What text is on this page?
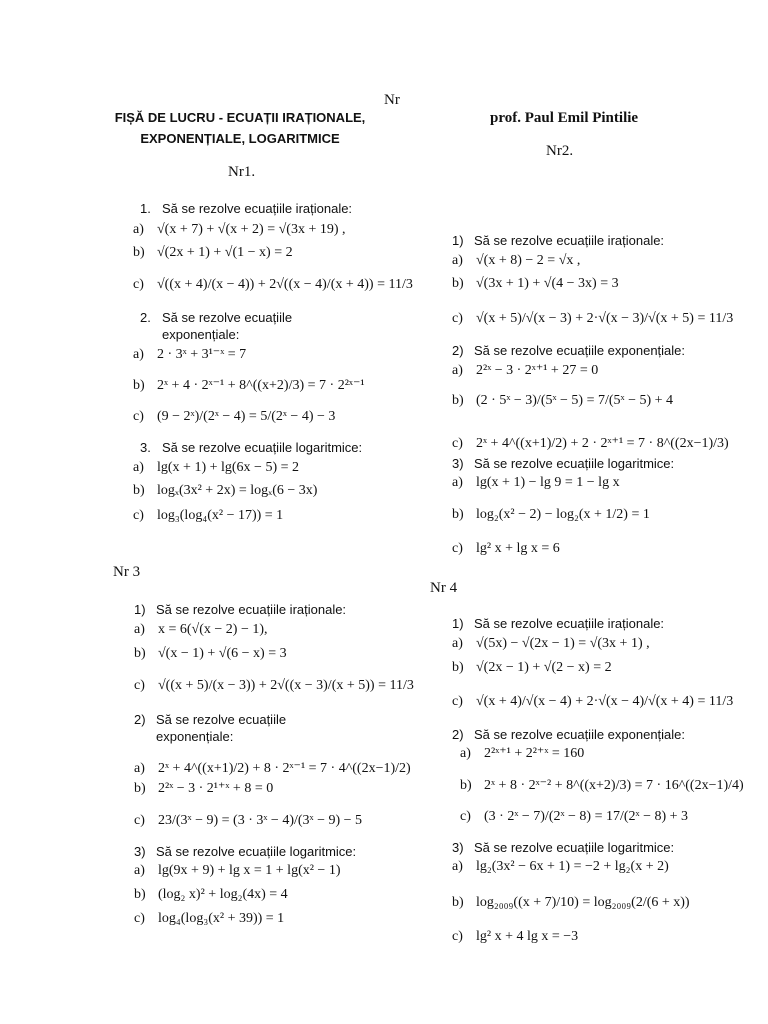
Nr
FIȘĂ DE LUCRU - ECUAȚII IRAȚIONALE,
EXPONENȚIALE, LOGARITMICE
prof. Paul Emil Pintilie
Nr1.
1. Să se rezolve ecuațiile iraționale:
a) √(x + 7) + √(x + 2) = √(3x + 19) ,
b) √(2x + 1) + √(1 − x) = 2
c) √((x + 4)/(x − 4)) + 2√((x − 4)/(x + 4)) = 11/3
2. Să se rezolve ecuațiile exponențiale:
a) 2 · 3ˣ + 3¹⁻ˣ = 7
b) 2ˣ + 4 · 2ˣ⁻¹ + 8^((x+2)/3) = 7 · 2²ˣ⁻¹
c) (9 − 2ˣ)/(2ˣ − 4) = 5/(2ˣ − 4) − 3
3. Să se rezolve ecuațiile logaritmice:
a) lg(x + 1) + lg(6x − 5) = 2
b) logₓ(3x² + 2x) = logₓ(6 − 3x)
c) log₃(log₄(x² − 17)) = 1
Nr2.
1) Să se rezolve ecuațiile iraționale:
a) √(x + 8) − 2 = √x ,
b) √(3x + 1) + √(4 − 3x) = 3
c) √(x + 5)/√(x − 3) + 2·√(x − 3)/√(x + 5) = 11/3
2) Să se rezolve ecuațiile exponențiale:
a) 2²ˣ − 3 · 2ˣ⁺¹ + 27 = 0
b) (2 · 5ˣ − 3)/(5ˣ − 5) = 7/(5ˣ − 5) + 4
c) 2ˣ + 4^((x+1)/2) + 2 · 2ˣ⁺¹ = 7 · 8^((2x−1)/3)
3) Să se rezolve ecuațiile logaritmice:
a) lg(x + 1) − lg 9 = 1 − lg x
b) log₂(x² − 2) − log₂(x + 1/2) = 1
c) lg² x + lg x = 6
Nr 3
1) Să se rezolve ecuațiile iraționale:
a) x = 6(√(x − 2) − 1),
b) √(x − 1) + √(6 − x) = 3
c) √((x + 5)/(x − 3)) + 2√((x − 3)/(x + 5)) = 11/3
2) Să se rezolve ecuațiile exponențiale:
a) 2ˣ + 4^((x+1)/2) + 8 · 2ˣ⁻¹ = 7 · 4^((2x−1)/2)
b) 2²ˣ − 3 · 2¹⁺ˣ + 8 = 0
c) 23/(3ˣ − 9) = (3 · 3ˣ − 4)/(3ˣ − 9) − 5
3) Să se rezolve ecuațiile logaritmice:
a) lg(9x + 9) + lg x = 1 + lg(x² − 1)
b) (log₂ x)² + log₂(4x) = 4
c) log₄(log₃(x² + 39)) = 1
Nr 4
1) Să se rezolve ecuațiile iraționale:
a) √(5x) − √(2x − 1) = √(3x + 1) ,
b) √(2x − 1) + √(2 − x) = 2
c) √(x + 4)/√(x − 4) + 2·√(x − 4)/√(x + 4) = 11/3
2) Să se rezolve ecuațiile exponențiale:
a) 2²ˣ⁺¹ + 2²⁺ˣ = 160
b) 2ˣ + 8 · 2ˣ⁻² + 8^((x+2)/3) = 7 · 16^((2x−1)/4)
c) (3 · 2ˣ − 7)/(2ˣ − 8) = 17/(2ˣ − 8) + 3
3) Să se rezolve ecuațiile logaritmice:
a) lg₂(3x² − 6x + 1) = −2 + lg₂(x + 2)
b) log₂₀₀₉((x + 7)/10) = log₂₀₀₉(2/(6 + x))
c) lg² x + 4 lg x = −3
